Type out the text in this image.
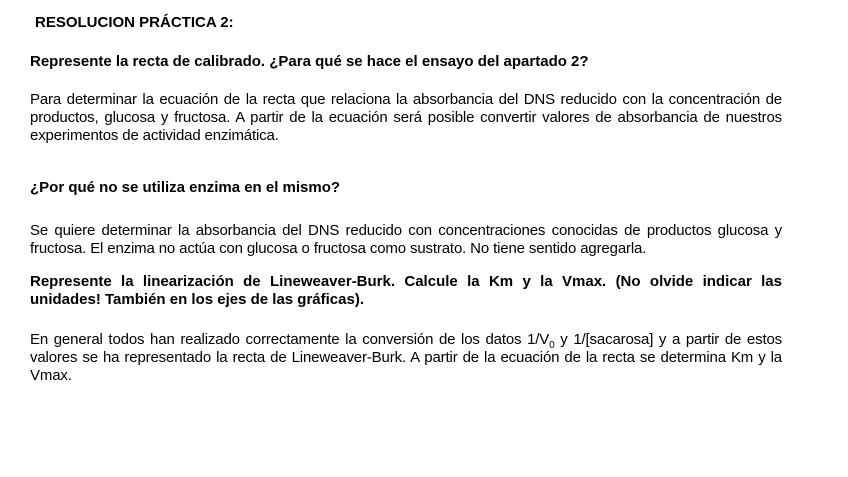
RESOLUCION PRÁCTICA 2:

Represente la recta de calibrado. ¿Para qué se hace el ensayo del apartado 2?

Para determinar la ecuación de la recta que relaciona la absorbancia del DNS reducido con la concentración de productos, glucosa y fructosa. A partir de la ecuación será posible convertir valores de absorbancia de nuestros experimentos de actividad enzimática.

¿Por qué no se utiliza enzima en el mismo?

Se quiere determinar la absorbancia del DNS reducido con concentraciones conocidas de productos glucosa y fructosa. El enzima no actúa con glucosa o fructosa como sustrato. No tiene sentido agregarla.

Represente la linearización de Lineweaver-Burk. Calcule la Km y la Vmax. (No olvide indicar las unidades! También en los ejes de las gráficas).

En general todos han realizado correctamente la conversión de los datos $1/V_0$ y 1/[sacarosa] y a partir de estos valores se ha representado la recta de Lineweaver-Burk. A partir de la ecuación de la recta se determina Km y la Vmax.
